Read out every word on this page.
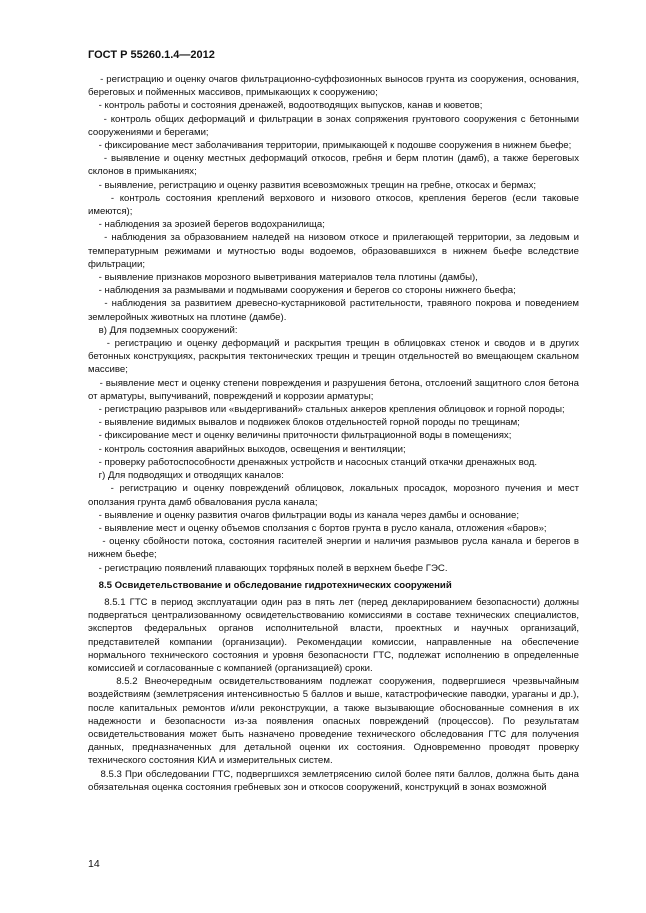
ГОСТ Р 55260.1.4—2012

- регистрацию и оценку очагов фильтрационно-суффозионных выносов грунта из сооружения, основания, береговых и пойменных массивов, примыкающих к сооружению;

- контроль работы и состояния дренажей, водоотводящих выпусков, канав и кюветов;

- контроль общих деформаций и фильтрации в зонах сопряжения грунтового сооружения с бетонными сооружениями и берегами;

- фиксирование мест заболачивания территории, примыкающей к подошве сооружения в нижнем бьефе;

- выявление и оценку местных деформаций откосов, гребня и берм плотин (дамб), а также береговых склонов в примыканиях;

- выявление, регистрацию и оценку развития всевозможных трещин на гребне, откосах и бермах;

- контроль состояния креплений верхового и низового откосов, крепления берегов (если таковые имеются);

- наблюдения за эрозией берегов водохранилища;

- наблюдения за образованием наледей на низовом откосе и прилегающей территории, за ледовым и температурным режимами и мутностью воды водоемов, образовавшихся в нижнем бьефе вследствие фильтрации;

- выявление признаков морозного выветривания материалов тела плотины (дамбы),

- наблюдения за размывами и подмывами сооружения и берегов со стороны нижнего бьефа;

- наблюдения за развитием древесно-кустарниковой растительности, травяного покрова и поведением землеройных животных на плотине (дамбе).

в) Для подземных сооружений:

- регистрацию и оценку деформаций и раскрытия трещин в облицовках стенок и сводов и в других бетонных конструкциях, раскрытия тектонических трещин и трещин отдельностей во вмещающем скальном массиве;

- выявление мест и оценку степени повреждения и разрушения бетона, отслоений защитного слоя бетона от арматуры, выпучиваний, повреждений и коррозии арматуры;

- регистрацию разрывов или «выдергиваний» стальных анкеров крепления облицовок и горной породы;

- выявление видимых вывалов и подвижек блоков отдельностей горной породы по трещинам;

- фиксирование мест и оценку величины приточности фильтрационной воды в помещениях;

- контроль состояния аварийных выходов, освещения и вентиляции;

- проверку работоспособности дренажных устройств и насосных станций откачки дренажных вод.

г) Для подводящих и отводящих каналов:

- регистрацию и оценку повреждений облицовок, локальных просадок, морозного пучения и мест оползания грунта дамб обвалования русла канала;

- выявление и оценку развития очагов фильтрации воды из канала через дамбы и основание;

- выявление мест и оценку объемов сползания с бортов грунта в русло канала, отложения «баров»;

- оценку сбойности потока, состояния гасителей энергии и наличия размывов русла канала и берегов в нижнем бьефе;

- регистрацию появлений плавающих торфяных полей в верхнем бьефе ГЭС.

8.5 Освидетельствование и обследование гидротехнических сооружений

8.5.1 ГТС в период эксплуатации один раз в пять лет (перед декларированием безопасности) должны подвергаться централизованному освидетельствованию комиссиями в составе технических специалистов, экспертов федеральных органов исполнительной власти, проектных и научных организаций, представителей компании (организации). Рекомендации комиссии, направленные на обеспечение нормального технического состояния и уровня безопасности ГТС, подлежат исполнению в определенные комиссией и согласованные с компанией (организацией) сроки.

8.5.2 Внеочередным освидетельствованиям подлежат сооружения, подвергшиеся чрезвычайным воздействиям (землетрясения интенсивностью 5 баллов и выше, катастрофические паводки, ураганы и др.), после капитальных ремонтов и/или реконструкции, а также вызывающие обоснованные сомнения в их надежности и безопасности из-за появления опасных повреждений (процессов). По результатам освидетельствования может быть назначено проведение технического обследования ГТС для получения данных, предназначенных для детальной оценки их состояния. Одновременно проводят проверку технического состояния КИА и измерительных систем.

8.5.3 При обследовании ГТС, подвергшихся землетрясению силой более пяти баллов, должна быть дана обязательная оценка состояния гребневых зон и откосов сооружений, конструкций в зонах возможной

14
